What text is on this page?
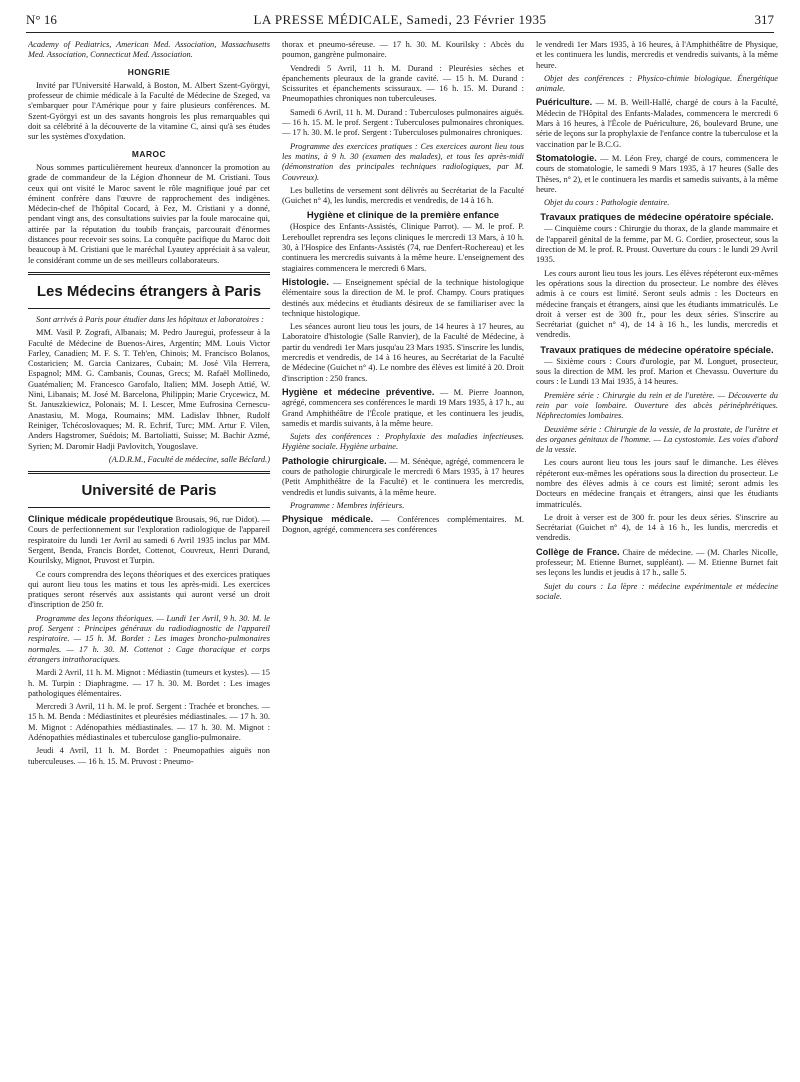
N° 16	LA PRESSE MÉDICALE, Samedi, 23 Février 1935	317

Academy of Pediatrics, American Med. Association, Massachusetts Med. Association, Connecticut Med. Association.

HONGRIE

Invité par l'Université Harwald, à Boston, M. Albert Szent-Györgyi, professeur de chimie médicale à la Faculté de Médecine de Szeged, va s'embarquer pour l'Amérique pour y faire plusieurs conférences. M. Szent-Györgyi est un des savants hongrois les plus remarquables qui doit sa célébrité à la découverte de la vitamine C, ainsi qu'à ses études sur les systèmes d'oxydation.

MAROC

Nous sommes particulièrement heureux d'annoncer la promotion au grade de commandeur de la Légion d'honneur de M. Cristiani. Tous ceux qui ont visité le Maroc savent le rôle magnifique joué par cet éminent confrère dans l'œuvre de rapprochement des indigènes. Médecin-chef de l'hôpital Cocard, à Fez, M. Cristiani y a donné, pendant vingt ans, des consultations suivies par la foule marocaine qui, attirée par la réputation du toubib français, parcourait d'énormes distances pour recevoir ses soins. La conquête pacifique du Maroc doit beaucoup à M. Cristiani que le maréchal Lyautey appréciait à sa valeur, le considérant comme un de ses meilleurs collaborateurs.

Les Médecins étrangers à Paris

Sont arrivés à Paris pour étudier dans les hôpitaux et laboratoires :

MM. Vasil P. Zografi, Albanais; M. Pedro Jaureguì, professeur à la Faculté de Médecine de Buenos-Aires, Argentin; MM. Louis Victor Farley, Canadien; M. F. S. T. Teh'en, Chinois; M. Francisco Bolanos, Costaricien; M. Garcia Canizares, Cubain; M. José Vila Herrera, Espagnol; MM. G. Cambanis, Counas, Grecs; M. Rafaël Mollinedo, Guatémalien; M. Francesco Garofalo, Italien; MM. Joseph Attié, W. Nini, Libanais; M. José M. Barcelona, Philippin; Marie Crycewicz, M. St. Januszkiewicz, Polonais; M. I. Lescer, Mme Eufrosina Cernescu-Anastasiu, M. Moga, Roumains; MM. Ladislav Ihbner, Rudolf Reiniger, Tchécoslovaques; M. R. Echrif, Turc; MM. Artur F. Vilen, Anders Hagstromer, Suédois; M. Bartoliatti, Suisse; M. Bachir Azmé, Syrien; M. Daromir Hadji Pavlovitch, Yougoslave.

(A.D.R.M., Faculté de médecine, salle Béclard.)
Université de Paris

Clinique médicale propédeutique Brousais, 96, rue Didot). — Cours de perfectionnement sur l'exploration radiologique de l'appareil respiratoire du lundi 1er Avril au samedi 6 Avril 1935 inclus par MM. Sergent, Benda, Francis Bordet, Cottenot, Couvreux, Henri Durand, Kourilsky, Mignot, Pruvost et Turpin.

Ce cours comprendra des leçons théoriques et des exercices pratiques qui auront lieu tous les matins et tous les après-midi. Les exercices pratiques seront réservés aux assistants qui auront versé un droit d'inscription de 250 fr.

Programme des leçons théoriques. — Lundi 1er Avril, 9 h. 30. M. le prof. Sergent : Principes généraux du radiodiagnostic de l'appareil respiratoire. — 15 h. M. Bordet : Les images broncho-pulmonaires normales. — 17 h. 30. M. Cottenot : Cage thoracique et corps étrangers intrathoraciques.

Mardi 2 Avril, 11 h. M. Mignot : Médiastin (tumeurs et kystes). — 15 h. M. Turpin : Diaphragme. — 17 h. 30. M. Bordet : Les images pathologiques élémentaires.

Mercredi 3 Avril, 11 h. M. le prof. Sergent : Trachée et bronches. — 15 h. M. Benda : Médiastinites et pleurésies médiastinales. — 17 h. 30. M. Mignot : Adénopathies médiastinales. — 17 h. 30. M. Mignot : Adénopathies médiastinales et tuberculose ganglio-pulmonaire.

Jeudi 4 Avril, 11 h. M. Bordet : Pneumopathies aiguës non tuberculeuses. — 16 h. 15. M. Pruvost : Pneumo-

thorax et pneumo-séreuse. — 17 h. 30. M. Kourilsky : Abcès du poumon, gangrène pulmonaire.

Vendredi 5 Avril, 11 h. M. Durand : Pleurésies sèches et épanchements pleuraux de la grande cavité. — 15 h. M. Durand : Scissurites et épanchements scissuraux. — 16 h. 15. M. Durand : Pneumopathies chroniques non tuberculeuses.

Samedi 6 Avril, 11 h. M. Durand : Tuberculoses pulmonaires aiguës. — 16 h. 15. M. le prof. Sergent : Tuberculoses pulmonaires chroniques. — 17 h. 30. M. le prof. Sergent : Tuberculoses pulmonaires chroniques.

Programme des exercices pratiques : Ces exercices auront lieu tous les matins, à 9 h. 30 (examen des malades), et tous les après-midi (démonstration des principales techniques radiologiques, par M. Couvreux).

Les bulletins de versement sont délivrés au Secrétariat de la Faculté (Guichet n° 4), les lundis, mercredis et vendredis, de 14 à 16 h.

Hygiène et clinique de la première enfance

(Hospice des Enfants-Assistés, Clinique Parrot). — M. le prof. P. Lereboullet reprendra ses leçons cliniques le mercredi 13 Mars, à 10 h. 30, à l'Hospice des Enfants-Assistés (74, rue Denfert-Rochereau) et les continuera les mercredis suivants à la même heure. L'enseignement des stagiaires commencera le mercredi 6 Mars.

Histologie. — Enseignement spécial de la technique histologique élémentaire sous la direction de M. le prof. Champy. Cours pratiques destinés aux médecins et étudiants désireux de se familiariser avec la technique histologique.

Les séances auront lieu tous les jours, de 14 heures à 17 heures, au Laboratoire d'histologie (Salle Ranvier), de la Faculté de Médecine, à partir du vendredi 1er Mars jusqu'au 23 Mars 1935. S'inscrire les lundis, mercredis et vendredis, de 14 à 16 heures, au Secrétariat de la Faculté de Médecine (Guichet n° 4). Le nombre des élèves est limité à 20. Droit d'inscription : 250 francs.

Hygiène et médecine préventive. — M. Pierre Joannon, agrégé, commencera ses conférences le mardi 19 Mars 1935, à 17 h., au Grand Amphithéâtre de l'École pratique, et les continuera les jeudis, samedis et mardis suivants, à la même heure.

Sujets des conférences : Prophylaxie des maladies infectieuses. Hygiène sociale. Hygiène urbaine.

Pathologie chirurgicale. — M. Sénèque, agrégé, commencera le cours de pathologie chirurgicale le mercredi 6 Mars 1935, à 17 heures (Petit Amphithéâtre de la Faculté) et le continuera les mercredis, vendredis et lundis suivants, à la même heure.

Programme : Membres inférieurs.

Physique médicale. — Conférences complémentaires. M. Dognon, agrégé, commencera ses conférences

le vendredi 1er Mars 1935, à 16 heures, à l'Amphithéâtre de Physique, et les continuera les lundis, mercredis et vendredis suivants, à la même heure.

Objet des conférences : Physico-chimie biologique. Énergétique animale.

Puériculture. — M. B. Weill-Hallé, chargé de cours à la Faculté, Médecin de l'Hôpital des Enfants-Malades, commencera le mercredi 6 Mars à 16 heures, à l'École de Puériculture, 26, boulevard Brune, une série de leçons sur la prophylaxie de l'enfance contre la tuberculose et la vaccination par le B.C.G.

Stomatologie. — M. Léon Frey, chargé de cours, commencera le cours de stomatologie, le samedi 9 Mars 1935, à 17 heures (Salle des Thèses, n° 2), et le continuera les mardis et samedis suivants, à la même heure.

Objet du cours : Pathologie dentaire.

Travaux pratiques de médecine opératoire spéciale.

— Cinquième cours : Chirurgie du thorax, de la glande mammaire et de l'appareil génital de la femme, par M. G. Cordier, prosecteur, sous la direction de M. le prof. R. Proust. Ouverture du cours : le lundi 29 Avril 1935.

Les cours auront lieu tous les jours. Les élèves répéteront eux-mêmes les opérations sous la direction du prosecteur. Le nombre des élèves admis à ce cours est limité. Seront seuls admis : les Docteurs en médecine français et étrangers, ainsi que les étudiants immatriculés. Le droit à verser est de 300 fr., pour les deux séries. S'inscrire au Secrétariat (guichet n° 4), de 14 à 16 h., les lundis, mercredis et vendredis.

Travaux pratiques de médecine opératoire spéciale.

— Sixième cours : Cours d'urologie, par M. Longuet, prosecteur, sous la direction de MM. les prof. Marion et Chevassu. Ouverture du cours : le Lundi 13 Mai 1935, à 14 heures.

Première série : Chirurgie du rein et de l'uretère. — Découverte du rein par voie lombaire. Ouverture des abcès périnéphrétiques. Néphrectomies lombaires.

Deuxième série : Chirurgie de la vessie, de la prostate, de l'urètre et des organes génitaux de l'homme. — La cystostomie. Les voies d'abord de la vessie.

Les cours auront lieu tous les jours sauf le dimanche. Les élèves répéteront eux-mêmes les opérations sous la direction du prosecteur. Le nombre des élèves admis à ce cours est limité; seront admis les Docteurs en médecine français et étrangers, ainsi que les étudiants immatriculés.

Le droit à verser est de 300 fr. pour les deux séries. S'inscrire au Secrétariat (Guichet n° 4), de 14 à 16 h., les lundis, mercredis et vendredis.

Collège de France. Chaire de médecine. — (M. Charles Nicolle, professeur; M. Etienne Burnet, suppléant). — M. Etienne Burnet fait ses leçons les lundis et jeudis à 17 h., salle 5.

Sujet du cours : La lèpre : médecine expérimentale et médecine sociale.
